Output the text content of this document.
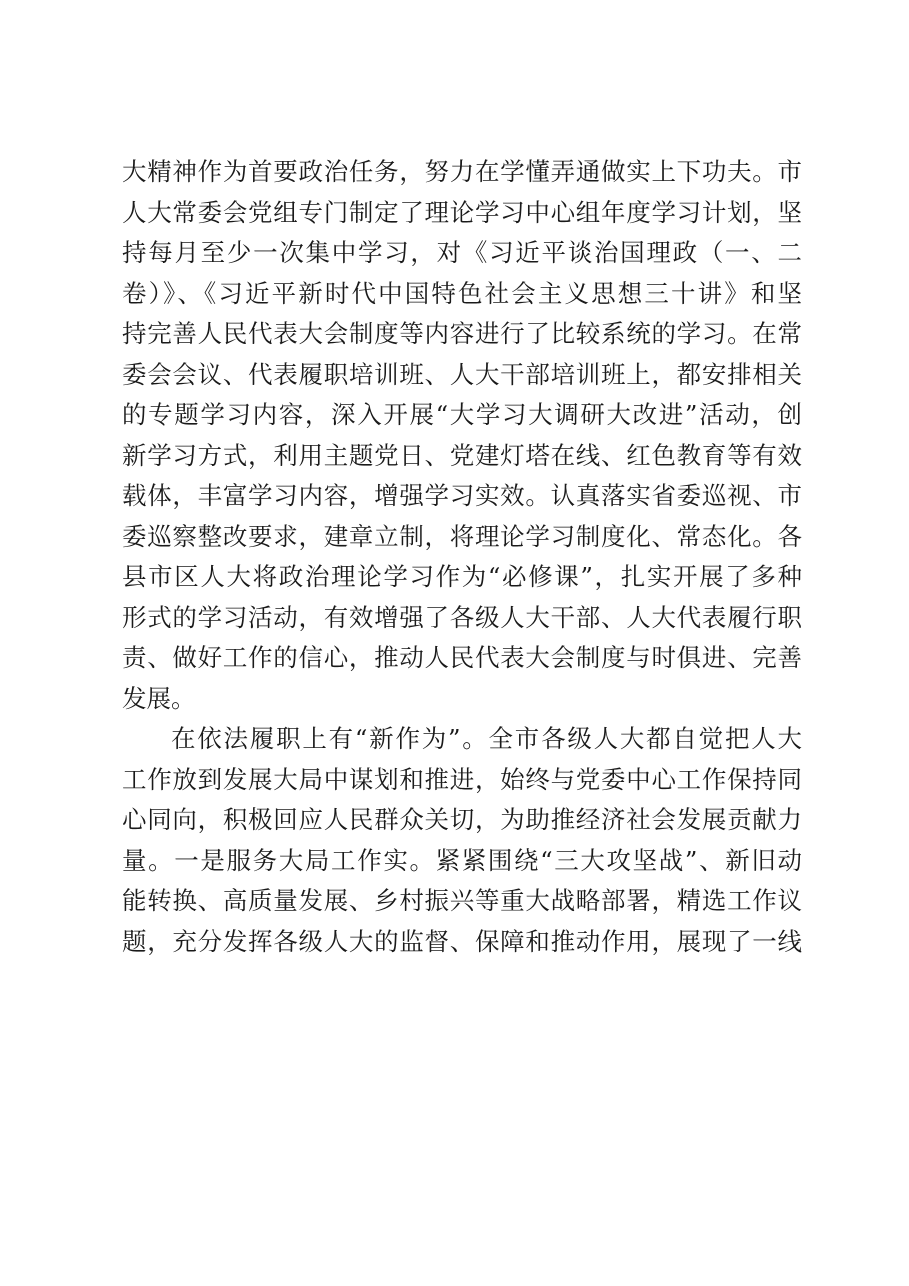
大精神作为首要政治任务，努力在学懂弄通做实上下功夫。市
人大常委会党组专门制定了理论学习中心组年度学习计划，坚
持每月至少一次集中学习，对《习近平谈治国理政（一、二
卷）》、《习近平新时代中国特色社会主义思想三十讲》和坚
持完善人民代表大会制度等内容进行了比较系统的学习。在常
委会会议、代表履职培训班、人大干部培训班上，都安排相关
的专题学习内容，深入开展“大学习大调研大改进”活动，创
新学习方式，利用主题党日、党建灯塔在线、红色教育等有效
载体，丰富学习内容，增强学习实效。认真落实省委巡视、市
委巡察整改要求，建章立制，将理论学习制度化、常态化。各
县市区人大将政治理论学习作为“必修课”，扎实开展了多种
形式的学习活动，有效增强了各级人大干部、人大代表履行职
责、做好工作的信心，推动人民代表大会制度与时俱进、完善
发展。
在依法履职上有“新作为”。全市各级人大都自觉把人大
工作放到发展大局中谋划和推进，始终与党委中心工作保持同
心同向，积极回应人民群众关切，为助推经济社会发展贡献力
量。一是服务大局工作实。紧紧围绕“三大攻坚战”、新旧动
能转换、高质量发展、乡村振兴等重大战略部署，精选工作议
题，充分发挥各级人大的监督、保障和推动作用，展现了一线
